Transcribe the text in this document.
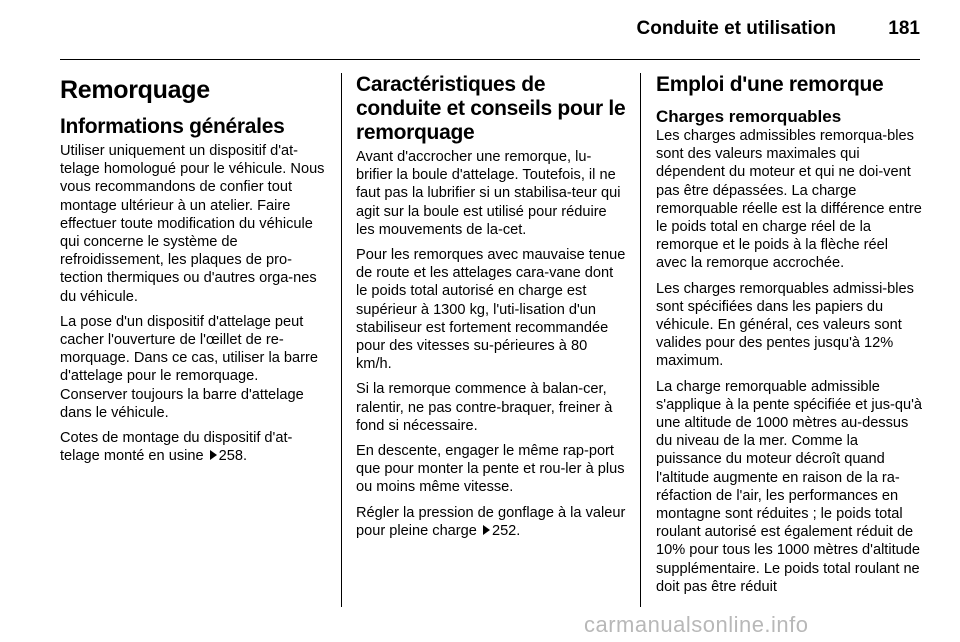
Conduite et utilisation	181
Remorquage
Informations générales

Utiliser uniquement un dispositif d'at-telage homologué pour le véhicule. Nous vous recommandons de confier tout montage ultérieur à un atelier. Faire effectuer toute modification du véhicule qui concerne le système de refroidissement, les plaques de pro-tection thermiques ou d'autres orga-nes du véhicule.

La pose d'un dispositif d'attelage peut cacher l'ouverture de l'œillet de re-morquage. Dans ce cas, utiliser la barre d'attelage pour le remorquage. Conserver toujours la barre d'attelage dans le véhicule.

Cotes de montage du dispositif d'at-telage monté en usine 258.

Caractéristiques de conduite et conseils pour le remorquage

Avant d'accrocher une remorque, lu-brifier la boule d'attelage. Toutefois, il ne faut pas la lubrifier si un stabilisa-teur qui agit sur la boule est utilisé pour réduire les mouvements de la-cet.

Pour les remorques avec mauvaise tenue de route et les attelages cara-vane dont le poids total autorisé en charge est supérieur à 1300 kg, l'uti-lisation d'un stabiliseur est fortement recommandée pour des vitesses su-périeures à 80 km/h.

Si la remorque commence à balan-cer, ralentir, ne pas contre-braquer, freiner à fond si nécessaire.

En descente, engager le même rap-port que pour monter la pente et rou-ler à plus ou moins même vitesse.

Régler la pression de gonflage à la valeur pour pleine charge 252.

Emploi d'une remorque
Charges remorquables

Les charges admissibles remorqua-bles sont des valeurs maximales qui dépendent du moteur et qui ne doi-vent pas être dépassées. La charge remorquable réelle est la différence entre le poids total en charge réel de la remorque et le poids à la flèche réel avec la remorque accrochée.

Les charges remorquables admissi-bles sont spécifiées dans les papiers du véhicule. En général, ces valeurs sont valides pour des pentes jusqu'à 12% maximum.

La charge remorquable admissible s'applique à la pente spécifiée et jus-qu'à une altitude de 1000 mètres au-dessus du niveau de la mer. Comme la puissance du moteur décroît quand l'altitude augmente en raison de la ra-réfaction de l'air, les performances en montagne sont réduites ; le poids total roulant autorisé est également réduit de 10% pour tous les 1000 mètres d'altitude supplémentaire. Le poids total roulant ne doit pas être réduit

carmanualsonline.info
